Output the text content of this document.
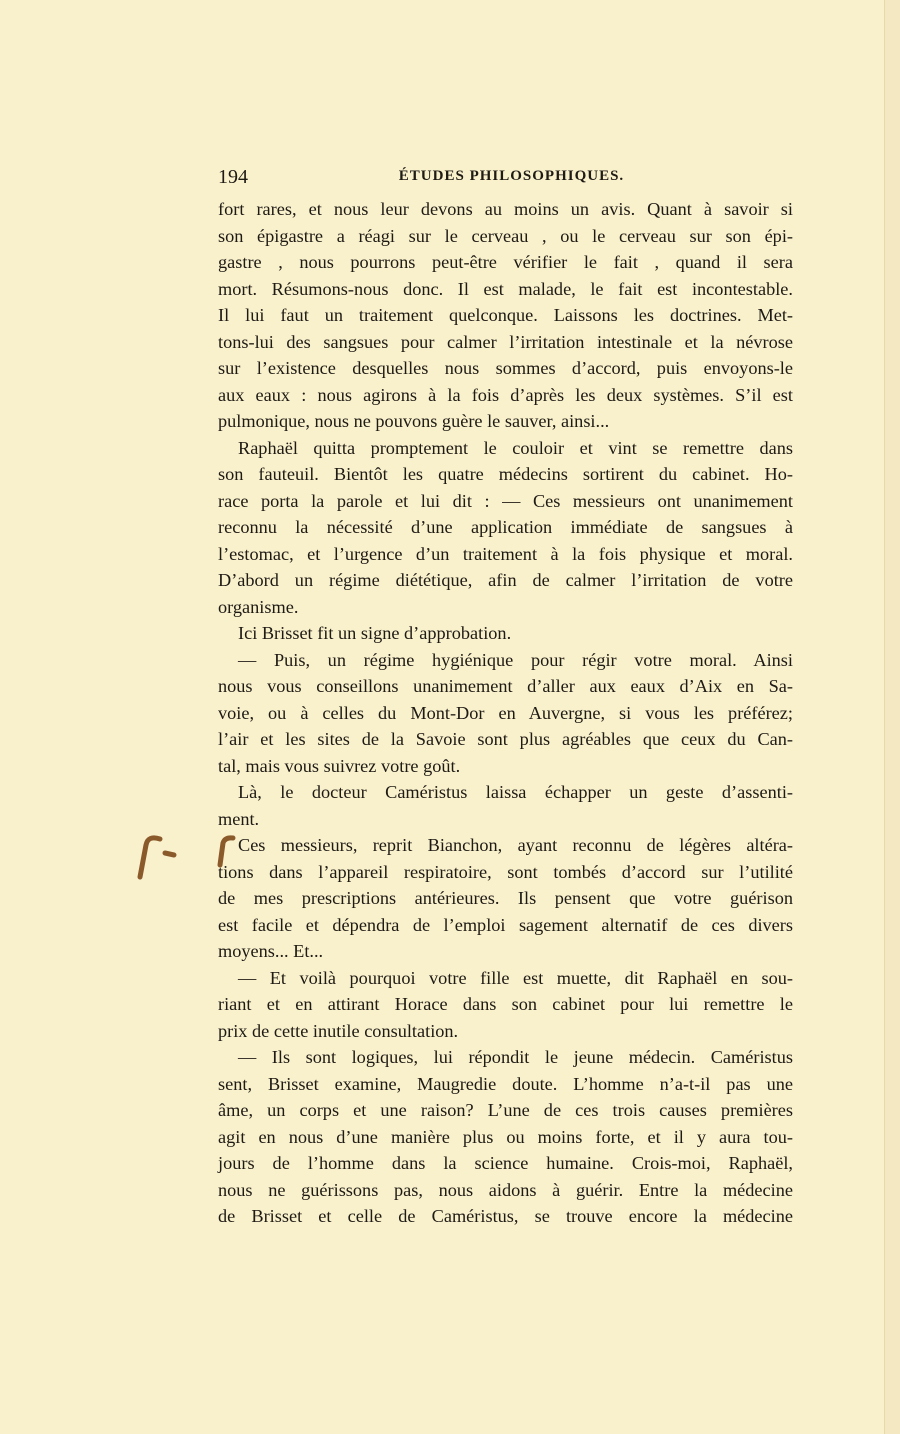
194	ÉTUDES PHILOSOPHIQUES.
fort rares, et nous leur devons au moins un avis. Quant à savoir si
son épigastre a réagi sur le cerveau , ou le cerveau sur son épi-
gastre , nous pourrons peut-être vérifier le fait , quand il sera
mort. Résumons-nous donc. Il est malade, le fait est incontestable.
Il lui faut un traitement quelconque. Laissons les doctrines. Met-
tons-lui des sangsues pour calmer l’irritation intestinale et la névrose
sur l’existence desquelles nous sommes d’accord, puis envoyons-le
aux eaux : nous agirons à la fois d’après les deux systèmes. S’il est
pulmonique, nous ne pouvons guère le sauver, ainsi...
Raphaël quitta promptement le couloir et vint se remettre dans
son fauteuil. Bientôt les quatre médecins sortirent du cabinet. Ho-
race porta la parole et lui dit : — Ces messieurs ont unanimement
reconnu la nécessité d’une application immédiate de sangsues à
l’estomac, et l’urgence d’un traitement à la fois physique et moral.
D’abord un régime diététique, afin de calmer l’irritation de votre
organisme.
Ici Brisset fit un signe d’approbation.
— Puis, un régime hygiénique pour régir votre moral. Ainsi
nous vous conseillons unanimement d’aller aux eaux d’Aix en Sa-
voie, ou à celles du Mont-Dor en Auvergne, si vous les préférez;
l’air et les sites de la Savoie sont plus agréables que ceux du Can-
tal, mais vous suivrez votre goût.
Là, le docteur Caméristus laissa échapper un geste d’assenti-
ment.
Ces messieurs, reprit Bianchon, ayant reconnu de légères altéra-
tions dans l’appareil respiratoire, sont tombés d’accord sur l’utilité
de mes prescriptions antérieures. Ils pensent que votre guérison
est facile et dépendra de l’emploi sagement alternatif de ces divers
moyens... Et...
— Et voilà pourquoi votre fille est muette, dit Raphaël en sou-
riant et en attirant Horace dans son cabinet pour lui remettre le
prix de cette inutile consultation.
— Ils sont logiques, lui répondit le jeune médecin. Caméristus
sent, Brisset examine, Maugredie doute. L’homme n’a-t-il pas une
âme, un corps et une raison? L’une de ces trois causes premières
agit en nous d’une manière plus ou moins forte, et il y aura tou-
jours de l’homme dans la science humaine. Crois-moi, Raphaël,
nous ne guérissons pas, nous aidons à guérir. Entre la médecine
de Brisset et celle de Caméristus, se trouve encore la médecine
